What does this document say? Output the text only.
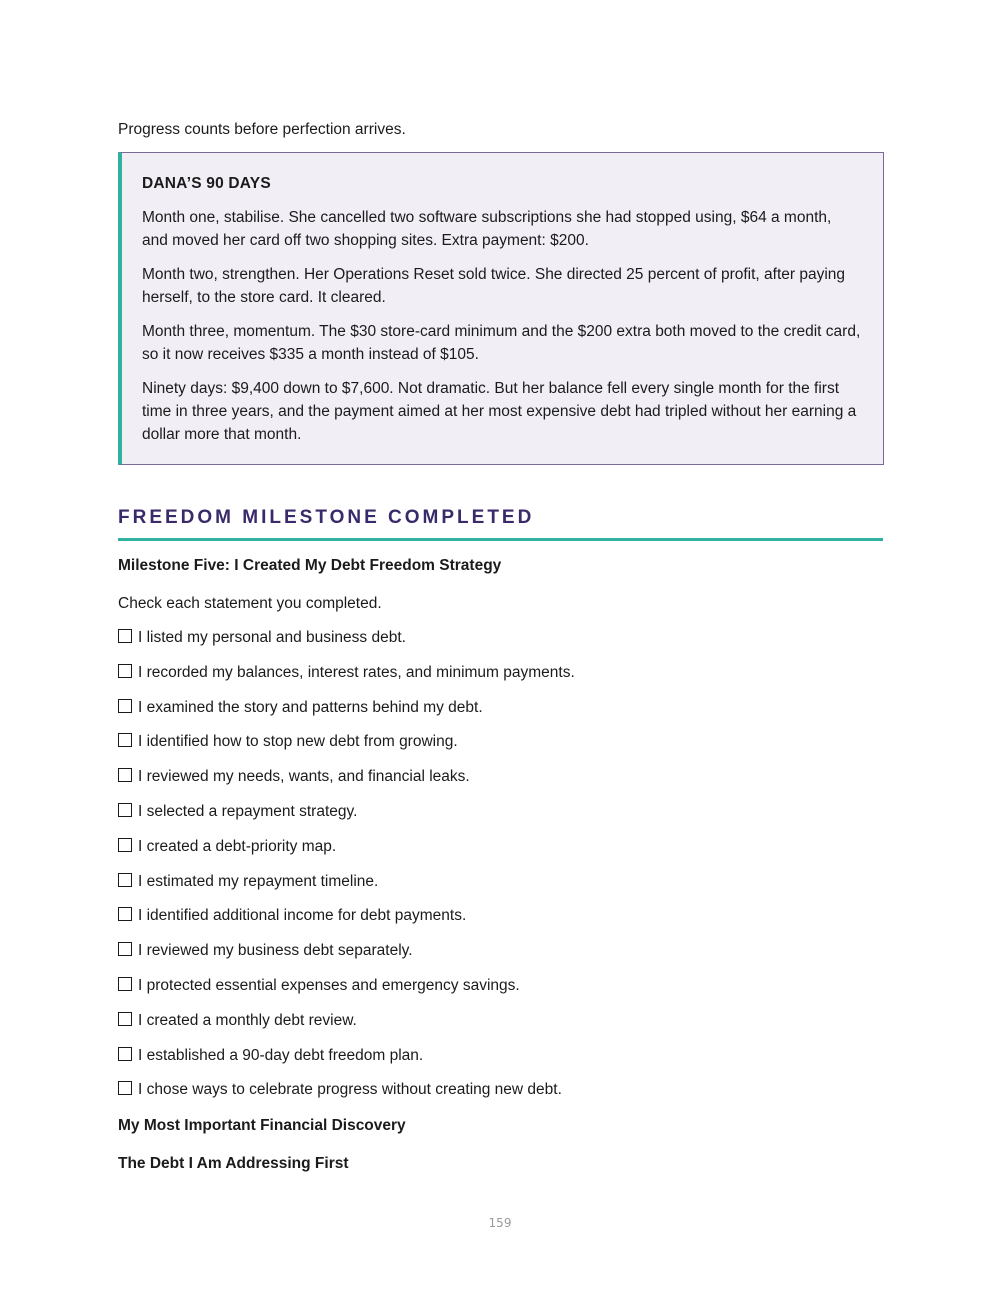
Progress counts before perfection arrives.

DANA’S 90 DAYS

Month one, stabilise. She cancelled two software subscriptions she had stopped using, $64 a month, and moved her card off two shopping sites. Extra payment: $200.

Month two, strengthen. Her Operations Reset sold twice. She directed 25 percent of profit, after paying herself, to the store card. It cleared.

Month three, momentum. The $30 store-card minimum and the $200 extra both moved to the credit card, so it now receives $335 a month instead of $105.

Ninety days: $9,400 down to $7,600. Not dramatic. But her balance fell every single month for the first time in three years, and the payment aimed at her most expensive debt had tripled without her earning a dollar more that month.

FREEDOM MILESTONE COMPLETED

Milestone Five: I Created My Debt Freedom Strategy

Check each statement you completed.

I listed my personal and business debt.
I recorded my balances, interest rates, and minimum payments.
I examined the story and patterns behind my debt.
I identified how to stop new debt from growing.
I reviewed my needs, wants, and financial leaks.
I selected a repayment strategy.
I created a debt-priority map.
I estimated my repayment timeline.
I identified additional income for debt payments.
I reviewed my business debt separately.
I protected essential expenses and emergency savings.
I created a monthly debt review.
I established a 90-day debt freedom plan.
I chose ways to celebrate progress without creating new debt.

My Most Important Financial Discovery

The Debt I Am Addressing First

159
